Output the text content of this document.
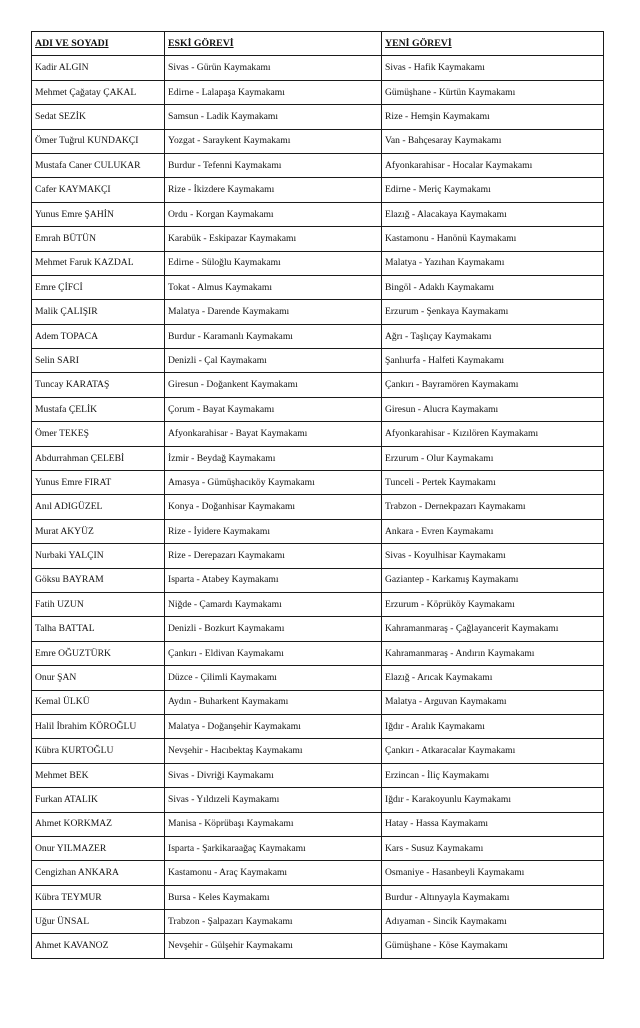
ADI VE SOYADI	ESKİ GÖREVİ	YENİ GÖREVİ
Kadir ALGIN	Sivas - Gürün Kaymakamı	Sivas - Hafik Kaymakamı
Mehmet Çağatay ÇAKAL	Edirne - Lalapaşa Kaymakamı	Gümüşhane - Kürtün Kaymakamı
Sedat SEZİK	Samsun - Ladik Kaymakamı	Rize - Hemşin Kaymakamı
Ömer Tuğrul KUNDAKÇI	Yozgat - Saraykent Kaymakamı	Van - Bahçesaray Kaymakamı
Mustafa Caner CULUKAR	Burdur - Tefenni Kaymakamı	Afyonkarahisar - Hocalar Kaymakamı
Cafer KAYMAKÇI	Rize - İkizdere Kaymakamı	Edirne - Meriç Kaymakamı
Yunus Emre ŞAHİN	Ordu - Korgan Kaymakamı	Elazığ - Alacakaya Kaymakamı
Emrah BÜTÜN	Karabük - Eskipazar Kaymakamı	Kastamonu - Hanönü Kaymakamı
Mehmet Faruk KAZDAL	Edirne - Süloğlu Kaymakamı	Malatya - Yazıhan Kaymakamı
Emre ÇİFCİ	Tokat - Almus Kaymakamı	Bingöl - Adaklı Kaymakamı
Malik ÇALIŞIR	Malatya - Darende Kaymakamı	Erzurum - Şenkaya Kaymakamı
Adem TOPACA	Burdur - Karamanlı Kaymakamı	Ağrı - Taşlıçay Kaymakamı
Selin SARI	Denizli - Çal Kaymakamı	Şanlıurfa - Halfeti Kaymakamı
Tuncay KARATAŞ	Giresun - Doğankent Kaymakamı	Çankırı - Bayramören Kaymakamı
Mustafa ÇELİK	Çorum - Bayat Kaymakamı	Giresun - Alucra Kaymakamı
Ömer TEKEŞ	Afyonkarahisar - Bayat Kaymakamı	Afyonkarahisar - Kızılören Kaymakamı
Abdurrahman ÇELEBİ	İzmir - Beydağ Kaymakamı	Erzurum - Olur Kaymakamı
Yunus Emre FIRAT	Amasya - Gümüşhacıköy Kaymakamı	Tunceli - Pertek Kaymakamı
Anıl ADIGÜZEL	Konya - Doğanhisar Kaymakamı	Trabzon - Dernekpazarı Kaymakamı
Murat AKYÜZ	Rize - İyidere Kaymakamı	Ankara - Evren Kaymakamı
Nurbaki YALÇIN	Rize - Derepazarı Kaymakamı	Sivas - Koyulhisar Kaymakamı
Göksu BAYRAM	Isparta - Atabey Kaymakamı	Gaziantep - Karkamış Kaymakamı
Fatih UZUN	Niğde - Çamardı Kaymakamı	Erzurum - Köprüköy Kaymakamı
Talha BATTAL	Denizli - Bozkurt Kaymakamı	Kahramanmaraş - Çağlayancerit Kaymakamı
Emre OĞUZTÜRK	Çankırı - Eldivan Kaymakamı	Kahramanmaraş - Andırın Kaymakamı
Onur ŞAN	Düzce - Çilimli Kaymakamı	Elazığ - Arıcak Kaymakamı
Kemal ÜLKÜ	Aydın - Buharkent Kaymakamı	Malatya - Arguvan Kaymakamı
Halil İbrahim KÖROĞLU	Malatya - Doğanşehir Kaymakamı	Iğdır - Aralık Kaymakamı
Kübra KURTOĞLU	Nevşehir - Hacıbektaş Kaymakamı	Çankırı - Atkaracalar Kaymakamı
Mehmet BEK	Sivas - Divriği Kaymakamı	Erzincan - İliç Kaymakamı
Furkan ATALIK	Sivas - Yıldızeli Kaymakamı	Iğdır - Karakoyunlu Kaymakamı
Ahmet KORKMAZ	Manisa - Köprübaşı Kaymakamı	Hatay - Hassa Kaymakamı
Onur YILMAZER	Isparta - Şarkikaraağaç Kaymakamı	Kars - Susuz Kaymakamı
Cengizhan ANKARA	Kastamonu - Araç Kaymakamı	Osmaniye - Hasanbeyli Kaymakamı
Kübra TEYMUR	Bursa - Keles Kaymakamı	Burdur - Altınyayla Kaymakamı
Uğur ÜNSAL	Trabzon - Şalpazarı Kaymakamı	Adıyaman - Sincik Kaymakamı
Ahmet KAVANOZ	Nevşehir - Gülşehir Kaymakamı	Gümüşhane - Köse Kaymakamı
